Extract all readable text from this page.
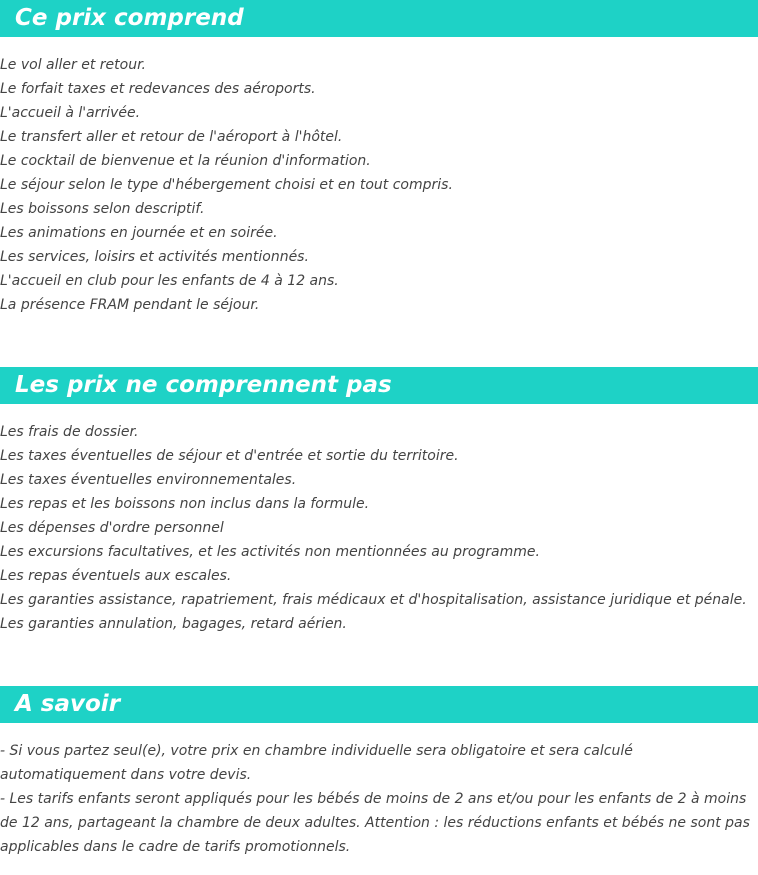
Ce prix comprend
Le vol aller et retour.
Le forfait taxes et redevances des aéroports.
L'accueil à l'arrivée.
Le transfert aller et retour de l'aéroport à l'hôtel.
Le cocktail de bienvenue et la réunion d'information.
Le séjour selon le type d'hébergement choisi et en tout compris.
Les boissons selon descriptif.
Les animations en journée et en soirée.
Les services, loisirs et activités mentionnés.
L'accueil en club pour les enfants de 4 à 12 ans.
La présence FRAM pendant le séjour.
Les prix ne comprennent pas
Les frais de dossier.
Les taxes éventuelles de séjour et d'entrée et sortie du territoire.
Les taxes éventuelles environnementales.
Les repas et les boissons non inclus dans la formule.
Les dépenses d'ordre personnel
Les excursions facultatives, et les activités non mentionnées au programme.
Les repas éventuels aux escales.
Les garanties assistance, rapatriement, frais médicaux et d'hospitalisation, assistance juridique et pénale.
Les garanties annulation, bagages, retard aérien.
A savoir

- Si vous partez seul(e), votre prix en chambre individuelle sera obligatoire et sera calculé automatiquement dans votre devis.

- Les tarifs enfants seront appliqués pour les bébés de moins de 2 ans et/ou pour les enfants de 2 à moins de 12 ans, partageant la chambre de deux adultes. Attention : les réductions enfants et bébés ne sont pas applicables dans le cadre de tarifs promotionnels.
